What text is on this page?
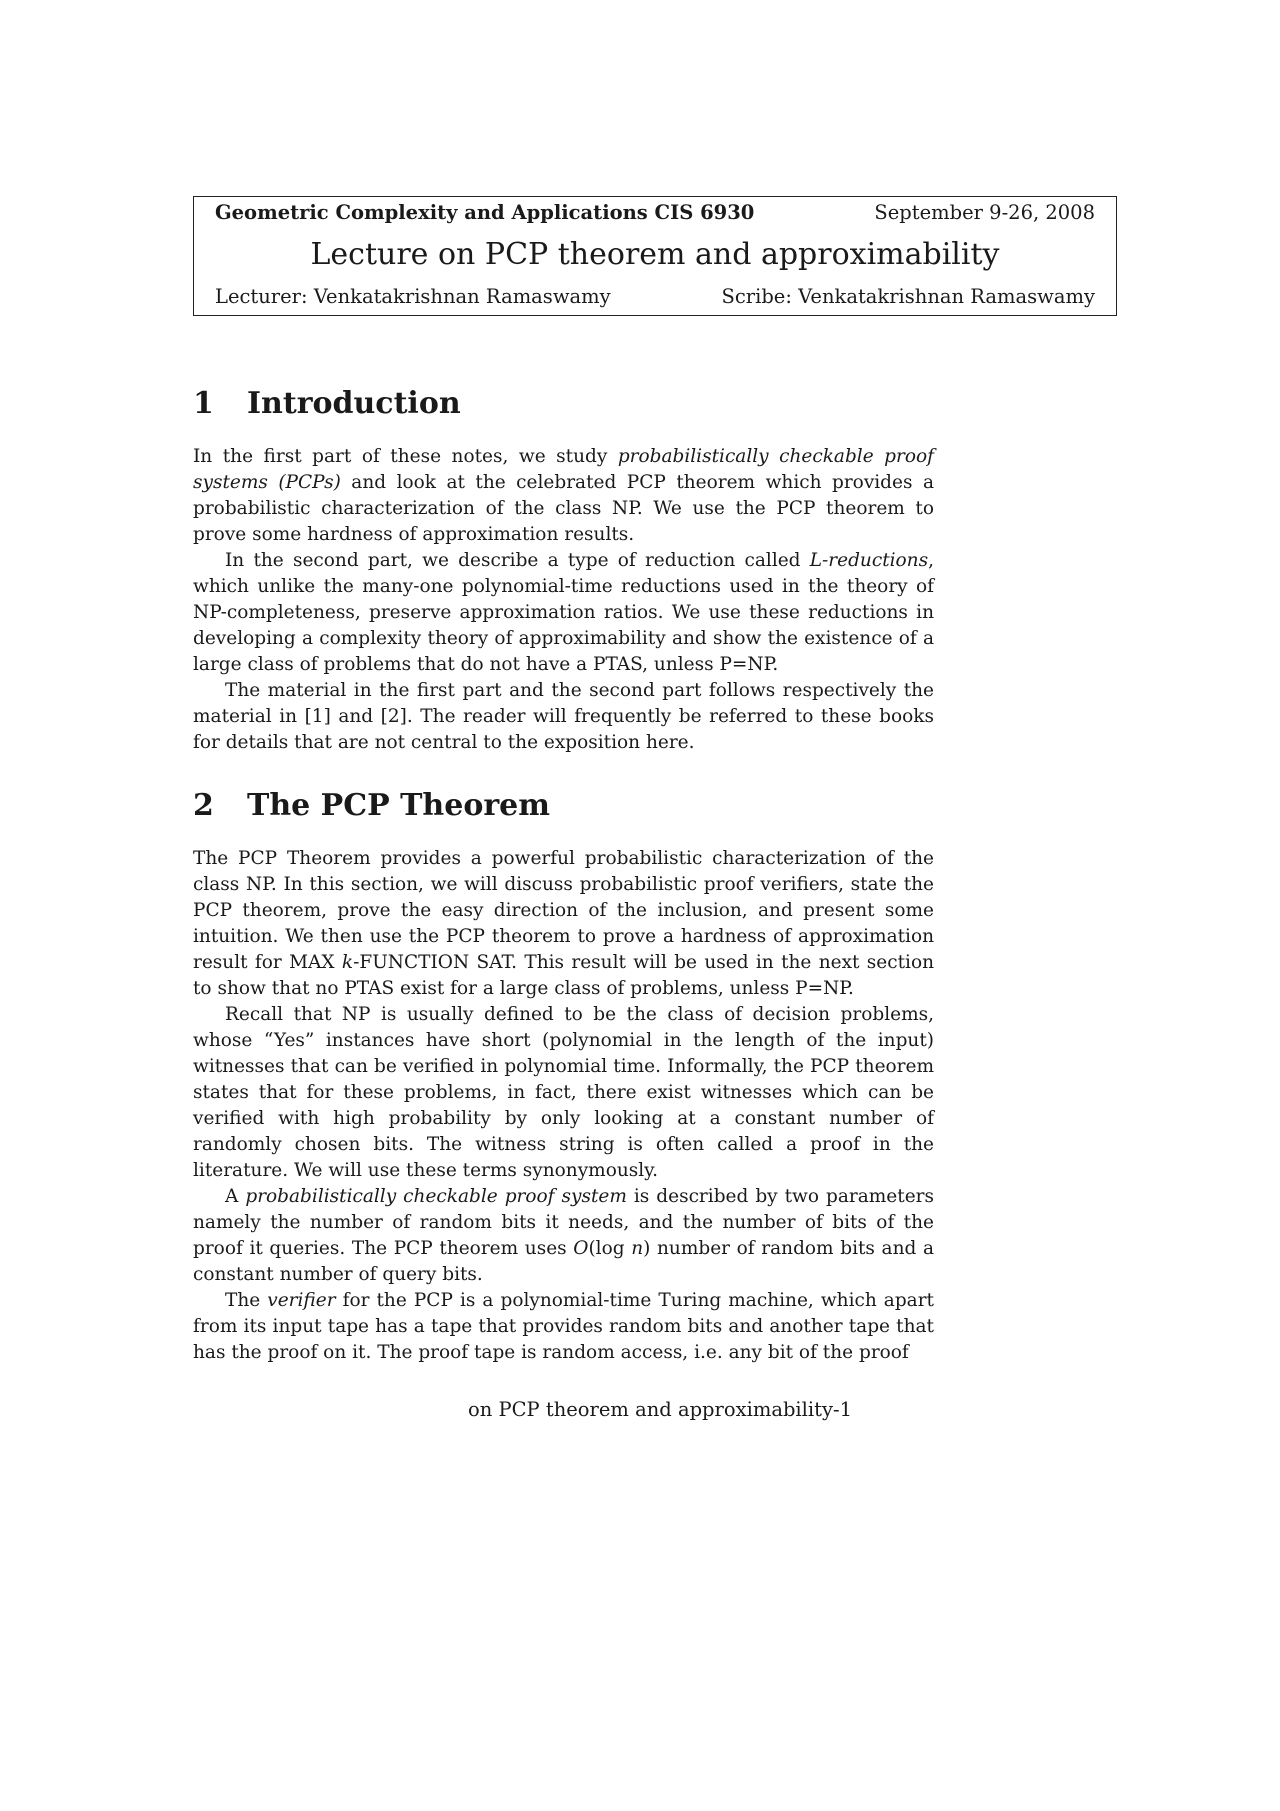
Geometric Complexity and Applications CIS 6930	September 9-26, 2008
Lecture on PCP theorem and approximability
Lecturer: Venkatakrishnan Ramaswamy	Scribe: Venkatakrishnan Ramaswamy
1 Introduction

In the first part of these notes, we study probabilistically checkable proof systems (PCPs) and look at the celebrated PCP theorem which provides a probabilistic characterization of the class NP. We use the PCP theorem to prove some hardness of approximation results.

In the second part, we describe a type of reduction called L-reductions, which unlike the many-one polynomial-time reductions used in the theory of NP-completeness, preserve approximation ratios. We use these reductions in developing a complexity theory of approximability and show the existence of a large class of problems that do not have a PTAS, unless P=NP.

The material in the first part and the second part follows respectively the material in [1] and [2]. The reader will frequently be referred to these books for details that are not central to the exposition here.

2 The PCP Theorem

The PCP Theorem provides a powerful probabilistic characterization of the class NP. In this section, we will discuss probabilistic proof verifiers, state the PCP theorem, prove the easy direction of the inclusion, and present some intuition. We then use the PCP theorem to prove a hardness of approximation result for MAX k-FUNCTION SAT. This result will be used in the next section to show that no PTAS exist for a large class of problems, unless P=NP.

Recall that NP is usually defined to be the class of decision problems, whose “Yes” instances have short (polynomial in the length of the input) witnesses that can be verified in polynomial time. Informally, the PCP theorem states that for these problems, in fact, there exist witnesses which can be verified with high probability by only looking at a constant number of randomly chosen bits. The witness string is often called a proof in the literature. We will use these terms synonymously.

A probabilistically checkable proof system is described by two parameters namely the number of random bits it needs, and the number of bits of the proof it queries. The PCP theorem uses O(log n) number of random bits and a constant number of query bits.

The verifier for the PCP is a polynomial-time Turing machine, which apart from its input tape has a tape that provides random bits and another tape that has the proof on it. The proof tape is random access, i.e. any bit of the proof

on PCP theorem and approximability-1
